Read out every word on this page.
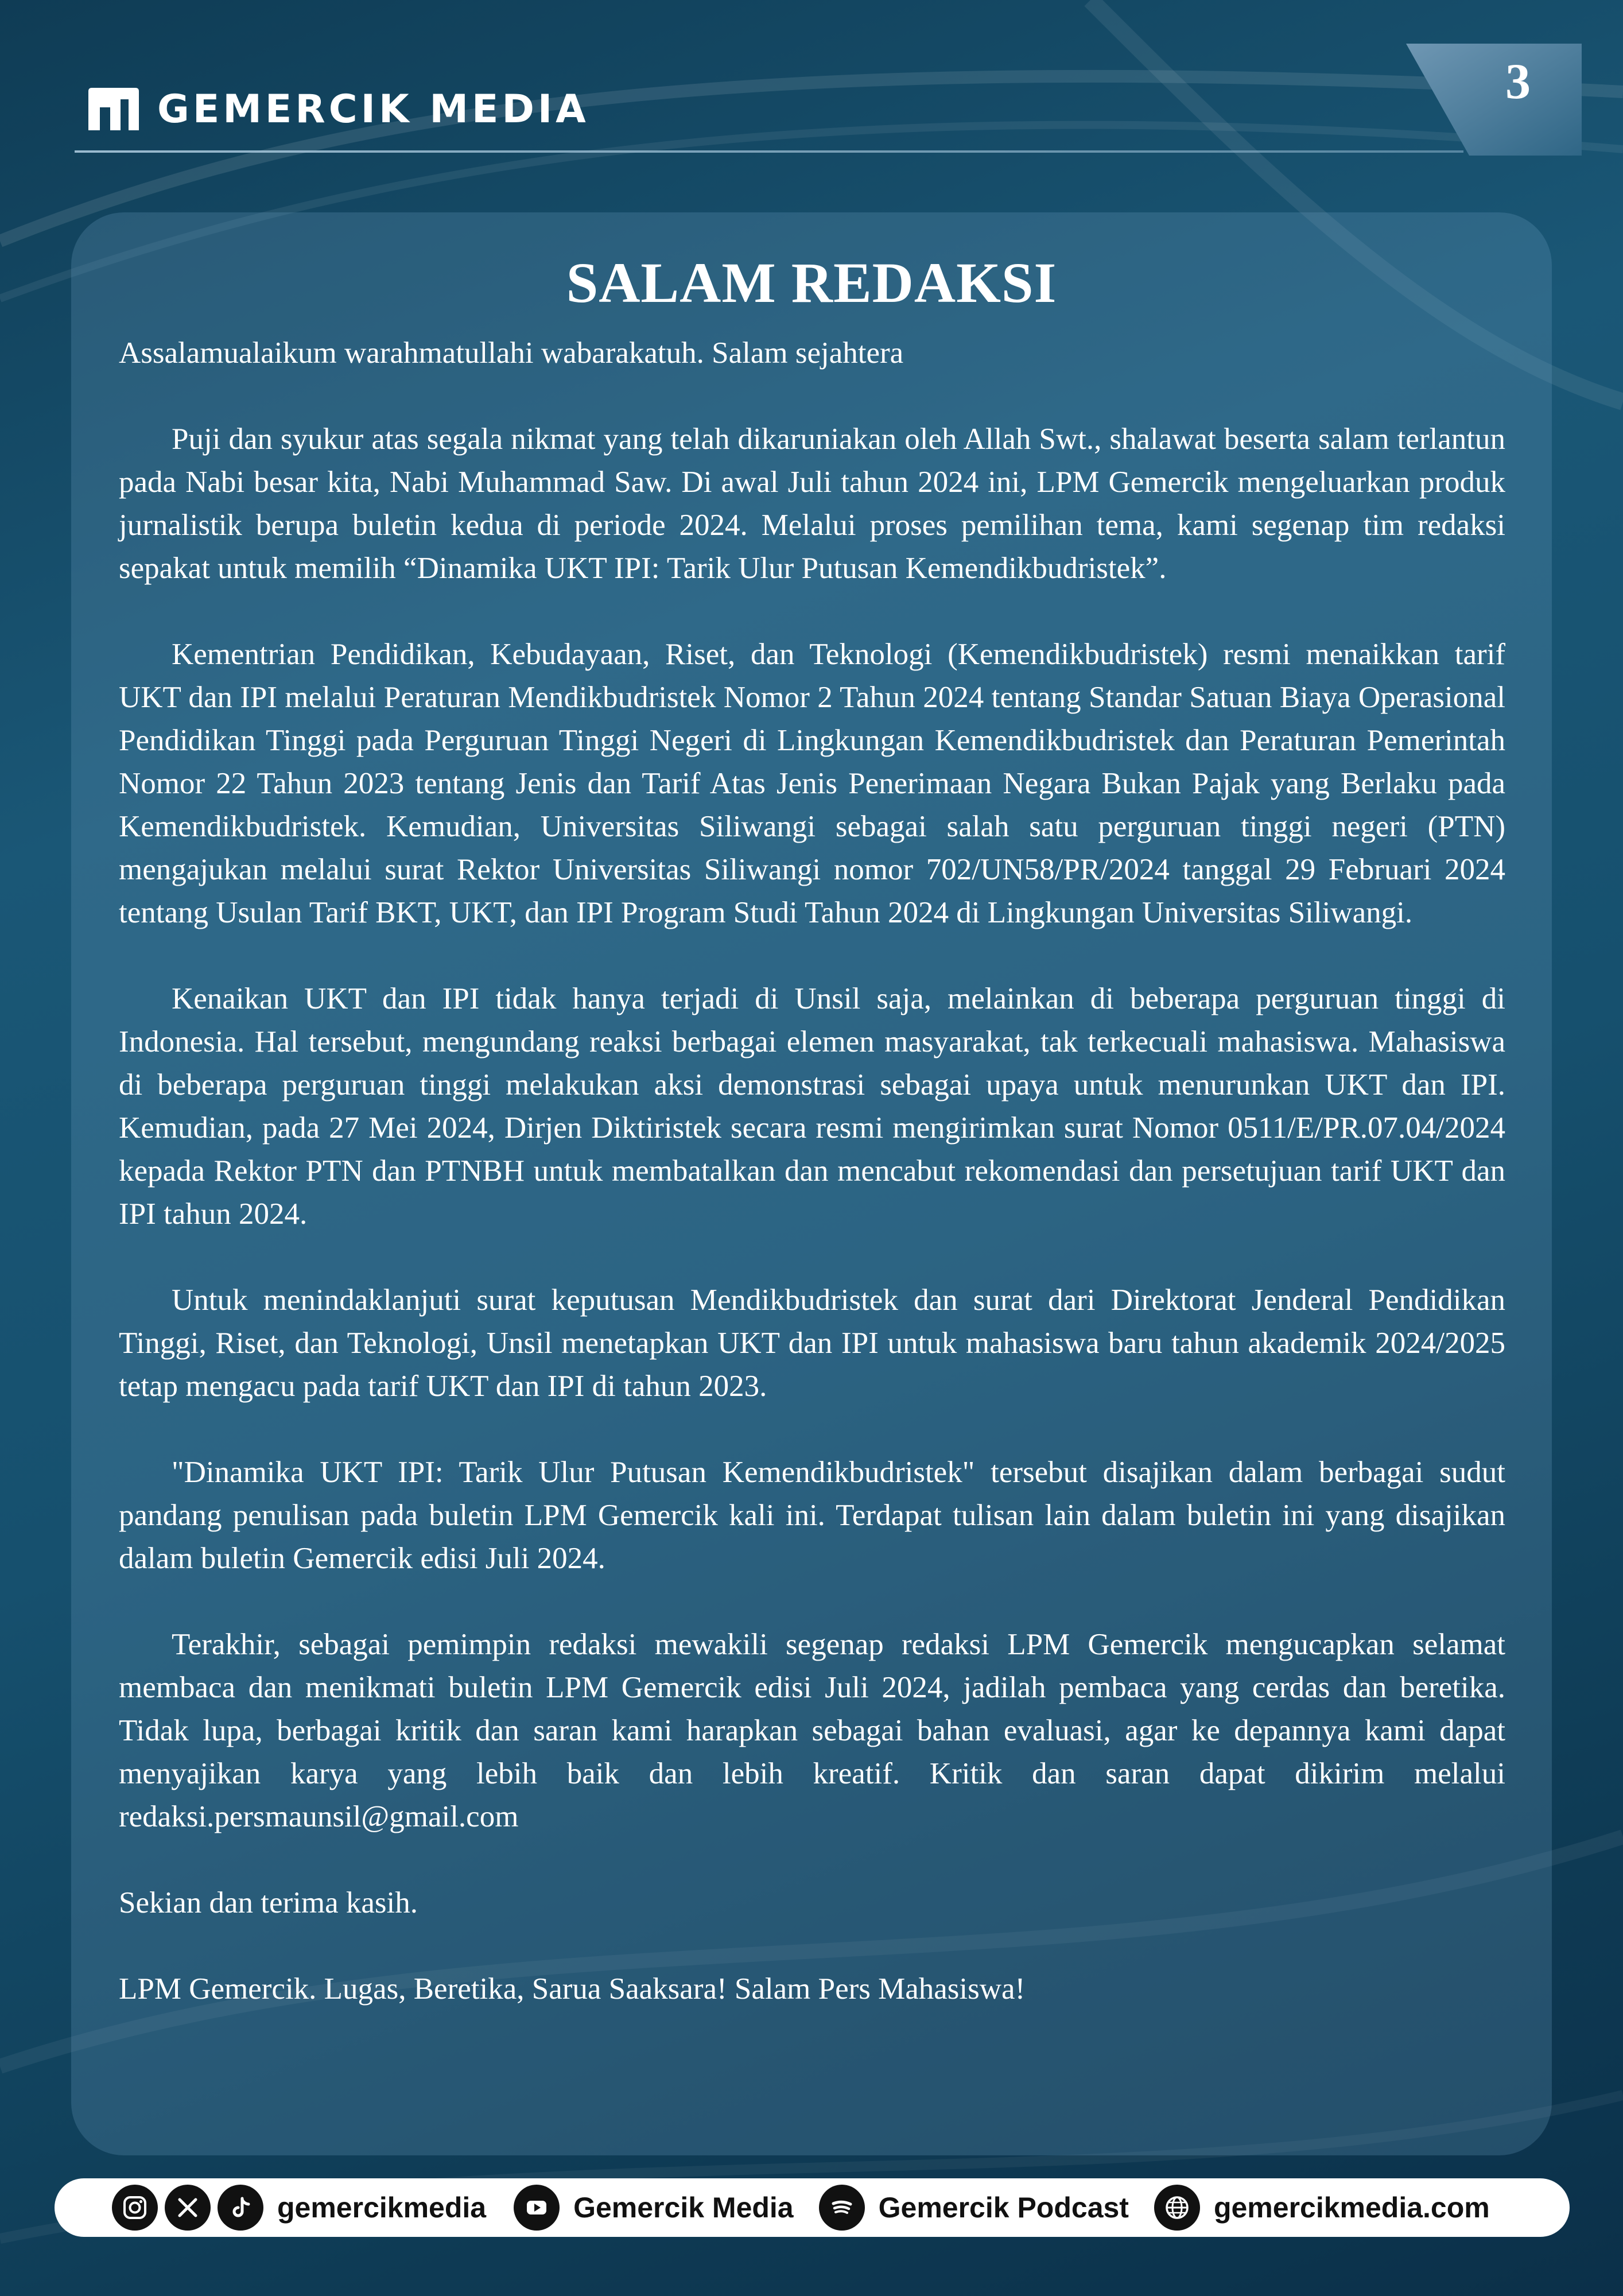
GEMERCIK MEDIA	3
SALAM REDAKSI

Assalamualaikum warahmatullahi wabarakatuh. Salam sejahtera

Puji dan syukur atas segala nikmat yang telah dikaruniakan oleh Allah Swt., shalawat beserta salam terlantun pada Nabi besar kita, Nabi Muhammad Saw. Di awal Juli tahun 2024 ini, LPM Gemercik mengeluarkan produk jurnalistik berupa buletin kedua di periode 2024. Melalui proses pemilihan tema, kami segenap tim redaksi sepakat untuk memilih “Dinamika UKT IPI: Tarik Ulur Putusan Kemendikbudristek”.

Kementrian Pendidikan, Kebudayaan, Riset, dan Teknologi (Kemendikbudristek) resmi menaikkan tarif UKT dan IPI melalui Peraturan Mendikbudristek Nomor 2 Tahun 2024 tentang Standar Satuan Biaya Operasional Pendidikan Tinggi pada Perguruan Tinggi Negeri di Lingkungan Kemendikbudristek dan Peraturan Pemerintah Nomor 22 Tahun 2023 tentang Jenis dan Tarif Atas Jenis Penerimaan Negara Bukan Pajak yang Berlaku pada Kemendikbudristek. Kemudian, Universitas Siliwangi sebagai salah satu perguruan tinggi negeri (PTN) mengajukan melalui surat Rektor Universitas Siliwangi nomor 702/UN58/PR/2024 tanggal 29 Februari 2024 tentang Usulan Tarif BKT, UKT, dan IPI Program Studi Tahun 2024 di Lingkungan Universitas Siliwangi.

Kenaikan UKT dan IPI tidak hanya terjadi di Unsil saja, melainkan di beberapa perguruan tinggi di Indonesia. Hal tersebut, mengundang reaksi berbagai elemen masyarakat, tak terkecuali mahasiswa. Mahasiswa di beberapa perguruan tinggi melakukan aksi demonstrasi sebagai upaya untuk menurunkan UKT dan IPI. Kemudian, pada 27 Mei 2024, Dirjen Diktiristek secara resmi mengirimkan surat Nomor 0511/E/PR.07.04/2024 kepada Rektor PTN dan PTNBH untuk membatalkan dan mencabut rekomendasi dan persetujuan tarif UKT dan IPI tahun 2024.

Untuk menindaklanjuti surat keputusan Mendikbudristek dan surat dari Direktorat Jenderal Pendidikan Tinggi, Riset, dan Teknologi, Unsil menetapkan UKT dan IPI untuk mahasiswa baru tahun akademik 2024/2025 tetap mengacu pada tarif UKT dan IPI di tahun 2023.

"Dinamika UKT IPI: Tarik Ulur Putusan Kemendikbudristek" tersebut disajikan dalam berbagai sudut pandang penulisan pada buletin LPM Gemercik kali ini. Terdapat tulisan lain dalam buletin ini yang disajikan dalam buletin Gemercik edisi Juli 2024.

Terakhir, sebagai pemimpin redaksi mewakili segenap redaksi LPM Gemercik mengucapkan selamat membaca dan menikmati buletin LPM Gemercik edisi Juli 2024, jadilah pembaca yang cerdas dan beretika. Tidak lupa, berbagai kritik dan saran kami harapkan sebagai bahan evaluasi, agar ke depannya kami dapat menyajikan karya yang lebih baik dan lebih kreatif. Kritik dan saran dapat dikirim melalui redaksi.persmaunsil@gmail.com

Sekian dan terima kasih.

LPM Gemercik. Lugas, Beretika, Sarua Saaksara! Salam Pers Mahasiswa!

gemercikmedia	Gemercik Media	Gemercik Podcast	gemercikmedia.com
